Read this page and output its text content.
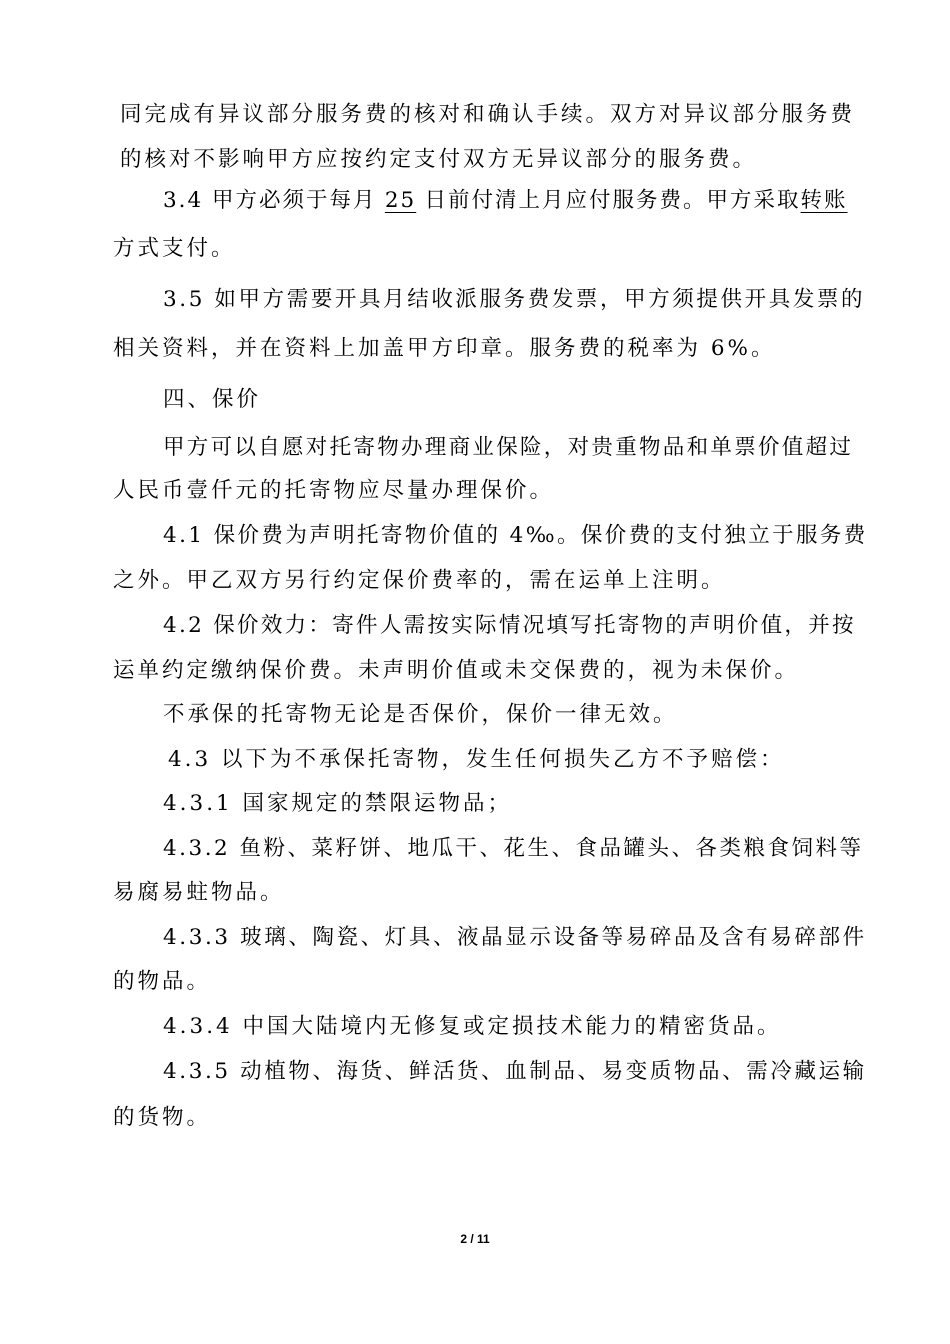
同完成有异议部分服务费的核对和确认手续。双方对异议部分服务费
的核对不影响甲方应按约定支付双方无异议部分的服务费。
3.4 甲方必须于每月 25 日前付清上月应付服务费。甲方采取转账
方式支付。
3.5 如甲方需要开具月结收派服务费发票，甲方须提供开具发票的
相关资料，并在资料上加盖甲方印章。服务费的税率为 6%。
四、保价
甲方可以自愿对托寄物办理商业保险，对贵重物品和单票价值超过
人民币壹仟元的托寄物应尽量办理保价。
4.1 保价费为声明托寄物价值的 4‰。保价费的支付独立于服务费
之外。甲乙双方另行约定保价费率的，需在运单上注明。
4.2 保价效力：寄件人需按实际情况填写托寄物的声明价值，并按
运单约定缴纳保价费。未声明价值或未交保费的，视为未保价。
不承保的托寄物无论是否保价，保价一律无效。
4.3 以下为不承保托寄物，发生任何损失乙方不予赔偿：
4.3.1 国家规定的禁限运物品；
4.3.2 鱼粉、菜籽饼、地瓜干、花生、食品罐头、各类粮食饲料等
易腐易蛀物品。
4.3.3 玻璃、陶瓷、灯具、液晶显示设备等易碎品及含有易碎部件
的物品。
4.3.4 中国大陆境内无修复或定损技术能力的精密货品。
4.3.5 动植物、海货、鲜活货、血制品、易变质物品、需冷藏运输
的货物。
2 / 11
